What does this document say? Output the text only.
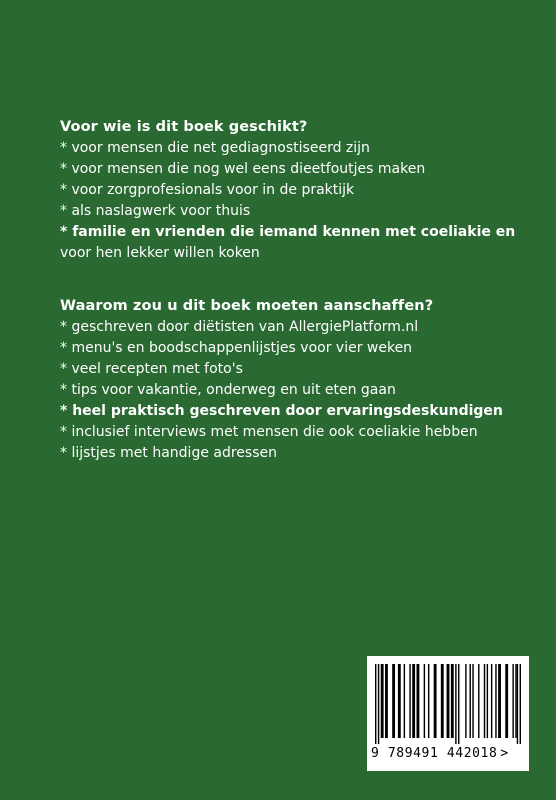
Voor wie is dit boek geschikt?
* voor mensen die net gediagnostiseerd zijn
* voor mensen die nog wel eens dieetfoutjes maken
* voor zorgprofesionals voor in de praktijk
* als naslagwerk voor thuis
* familie en vrienden die iemand kennen met coeliakie en
voor hen lekker willen koken
Waarom zou u dit boek moeten aanschaffen?
* geschreven door diëtisten van AllergiePlatform.nl
* menu's en boodschappenlijstjes voor vier weken
* veel recepten met foto's
* tips voor vakantie, onderweg en uit eten gaan
* heel praktisch geschreven door ervaringsdeskundigen
* inclusief interviews met mensen die ook coeliakie hebben
* lijstjes met handige adressen
9 789491 442018 >
